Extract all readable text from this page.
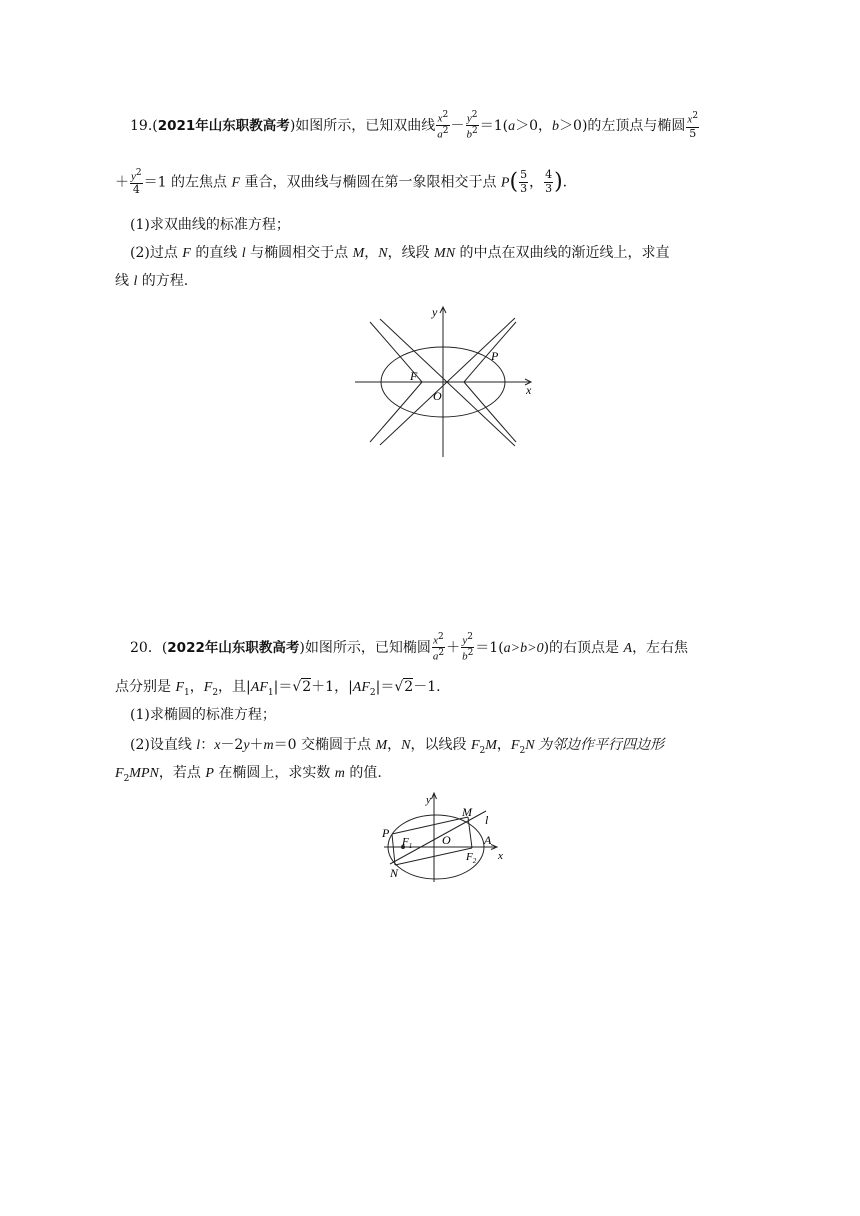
19.(2021年山东职教高考)如图所示，已知双曲线 $\frac{x^2}{a^2} - \frac{y^2}{b^2} =1(a>0$，b＞0)的左顶点与椭圆 $\frac{x^2}{5}$
＋ $\frac{y^2}{4} =1$ 的左焦点 F 重合，双曲线与椭圆在第一象限相交于点 $P( \frac{5}{3}$ ， $\frac{4}{3}$ ).
(1)求双曲线的标准方程；
(2)过点 F 的直线 l 与椭圆相交于点 M，N，线段 MN 的中点在双曲线的渐近线上，求直
线 l 的方程.
y
x
O
F
P
20．(2022年山东职教高考)如图所示，已知椭圆 $\frac{x^2}{a^2} + \frac{y^2}{b^2} =1(a>b>0)$的右顶点是 A，左右焦
点分别是 $F_1$，$F_2$，且$|AF_1|=√2+1$，$|AF_2|=√2-1$.
(1)求椭圆的标准方程；
(2)设直线 l：x－2y＋m＝0 交椭圆于点 M，N，以线段 $F_2M$，$F_2N$ 为邻边作平行四边形
$F_2MPN$，若点 P 在椭圆上，求实数 m 的值.
y
x
M
l
P
$F_1$ O	A
$F_2$
N
